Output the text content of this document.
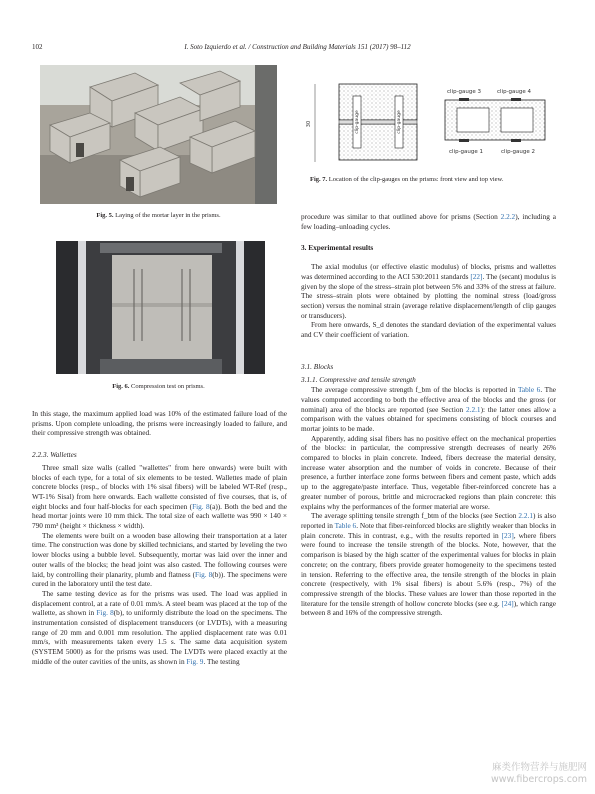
102	I. Soto Izquierdo et al. / Construction and Building Materials 151 (2017) 98–112
Fig. 5. Laying of the mortar layer in the prisms.
Fig. 6. Compression test on prisms.
30	clip-gauge	clip-gauge
clip-gauge 3	clip-gauge 4
clip-gauge 1	clip-gauge 2
Fig. 7. Location of the clip-gauges on the prisms: front view and top view.

In this stage, the maximum applied load was 10% of the estimated failure load of the prisms. Upon complete unloading, the prisms were increasingly loaded to failure, and their compressive strength was obtained.

2.2.3. Wallettes

Three small size walls (called "wallettes" from here onwards) were built with blocks of each type, for a total of six elements to be tested. Wallettes made of plain concrete blocks (resp., of blocks with 1% sisal fibers) will be labeled WT-Ref (resp., WT-1% Sisal) from here onwards. Each wallette consisted of five courses, that is, of eight blocks and four half-blocks for each specimen (Fig. 8(a)). Both the bed and the head mortar joints were 10 mm thick. The total size of each wallette was 990 × 140 × 790 mm³ (height × thickness × width).

The elements were built on a wooden base allowing their transportation at a later time. The construction was done by skilled technicians, and started by leveling the two lower blocks using a bubble level. Subsequently, mortar was laid over the inner and outer walls of the blocks; the head joint was also casted. The following courses were laid, by controlling their planarity, plumb and flatness (Fig. 8(b)). The specimens were cured in the laboratory until the test date.

The same testing device as for the prisms was used. The load was applied in displacement control, at a rate of 0.01 mm/s. A steel beam was placed at the top of the wallette, as shown in Fig. 8(b), to uniformly distribute the load on the specimens. The instrumentation consisted of displacement transducers (or LVDTs), with a measuring range of 20 mm and 0.001 mm resolution. The applied displacement rate was 0.01 mm/s, with measurements taken every 1.5 s. The same data acquisition system (SYSTEM 5000) as for the prisms was used. The LVDTs were placed exactly at the middle of the outer cavities of the units, as shown in Fig. 9. The testing

procedure was similar to that outlined above for prisms (Section 2.2.2), including a few loading–unloading cycles.

3. Experimental results

The axial modulus (or effective elastic modulus) of blocks, prisms and wallettes was determined according to the ACI 530:2011 standards [22]. The (secant) modulus is given by the slope of the stress–strain plot between 5% and 33% of the stress at failure. The stress–strain plots were obtained by plotting the nominal stress (load/gross section) versus the nominal strain (average relative displacement/length of clip gauges or transducers).

From here onwards, S_d denotes the standard deviation of the experimental values and CV their coefficient of variation.

3.1. Blocks
3.1.1. Compressive and tensile strength

The average compressive strength f_bm of the blocks is reported in Table 6. The values computed according to both the effective area of the blocks and the gross (or nominal) area of the blocks are reported (see Section 2.2.1): the latter ones allow a comparison with the values obtained for specimens consisting of block courses and mortar joints to be made.

Apparently, adding sisal fibers has no positive effect on the mechanical properties of the blocks: in particular, the compressive strength decreases of nearly 26% compared to blocks in plain concrete. Indeed, fibers decrease the material density, increase water absorption and the number of voids in concrete. Because of their presence, a further interface zone forms between fibers and cement paste, which adds up to the aggregate/paste interface. Thus, vegetable fiber-reinforced concrete has a greater number of porous, brittle and microcracked regions than plain concrete: this explains why the performances of the former material are worse.

The average splitting tensile strength f_btm of the blocks (see Section 2.2.1) is also reported in Table 6. Note that fiber-reinforced blocks are slightly weaker than blocks in plain concrete. This in contrast, e.g., with the results reported in [23], where fibers were found to increase the tensile strength of the blocks. Note, however, that the comparison is biased by the high scatter of the experimental values for blocks in plain concrete; on the contrary, fibers provide greater homogeneity to the specimens tested in tension. Referring to the effective area, the tensile strength of the blocks in plain concrete (respectively, with 1% sisal fibers) is about 5.6% (resp., 7%) of the compressive strength of the blocks. These values are lower than those reported in the literature for the tensile strength of hollow concrete blocks (see e.g. [24]), which range between 8 and 16% of the compressive strength.

麻类作物营养与施肥网
www.fibercrops.com
